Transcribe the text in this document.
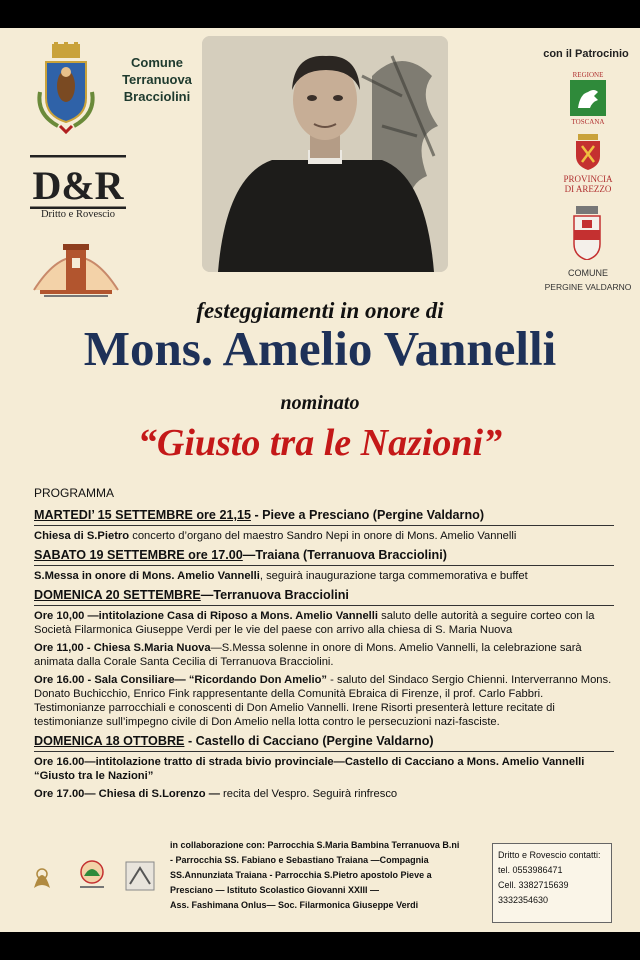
Comune
Terranuova
Bracciolini
D&R
Dritto e Rovescio
con il Patrocinio
REGIONE
TOSCANA
PROVINCIA
DI AREZZO
COMUNE
PERGINE VALDARNO
festeggiamenti in onore di
Mons. Amelio Vannelli
nominato
“Giusto tra le Nazioni”
PROGRAMMA
MARTEDI’ 15 SETTEMBRE ore 21,15 - Pieve a Presciano (Pergine Valdarno)
Chiesa di S.Pietro concerto d’organo del maestro Sandro Nepi in onore di Mons. Amelio Vannelli
SABATO 19 SETTEMBRE ore 17.00—Traiana (Terranuova Bracciolini)
S.Messa in onore di Mons. Amelio Vannelli, seguirà inaugurazione targa commemorativa e buffet
DOMENICA 20 SETTEMBRE—Terranuova Bracciolini
Ore 10,00 —intitolazione Casa di Riposo a Mons. Amelio Vannelli saluto delle autorità a seguire corteo con la Società Filarmonica Giuseppe Verdi per le vie del paese con arrivo alla chiesa di S. Maria Nuova
Ore 11,00 - Chiesa S.Maria Nuova—S.Messa solenne in onore di Mons. Amelio Vannelli, la celebrazione sarà animata dalla Corale Santa Cecilia di Terranuova Bracciolini.
Ore 16.00 - Sala Consiliare— “Ricordando Don Amelio” - saluto del Sindaco Sergio Chienni. Interverranno Mons. Donato Buchicchio, Enrico Fink rappresentante della Comunità Ebraica di Firenze, il prof. Carlo Fabbri. Testimonianze parrocchiali e conoscenti di Don Amelio Vannelli. Irene Risorti presenterà letture recitate di testimonianze sull’impegno civile di Don Amelio nella lotta contro le persecuzioni nazi-fasciste.
DOMENICA 18 OTTOBRE - Castello di Cacciano (Pergine Valdarno)
Ore 16.00—intitolazione tratto di strada bivio provinciale—Castello di Cacciano a Mons. Amelio Vannelli “Giusto tra le Nazioni”
Ore 17.00— Chiesa di S.Lorenzo — recita del Vespro. Seguirà rinfresco
in collaborazione con: Parrocchia S.Maria Bambina Terranuova B.ni
- Parrocchia SS. Fabiano e Sebastiano Traiana —Compagnia
SS.Annunziata Traiana - Parrocchia S.Pietro apostolo Pieve a
Presciano — Istituto Scolastico Giovanni XXIII —
Ass. Fashimana Onlus— Soc. Filarmonica Giuseppe Verdi
Dritto e Rovescio contatti:
tel. 0553986471
Cell. 3382715639
3332354630
